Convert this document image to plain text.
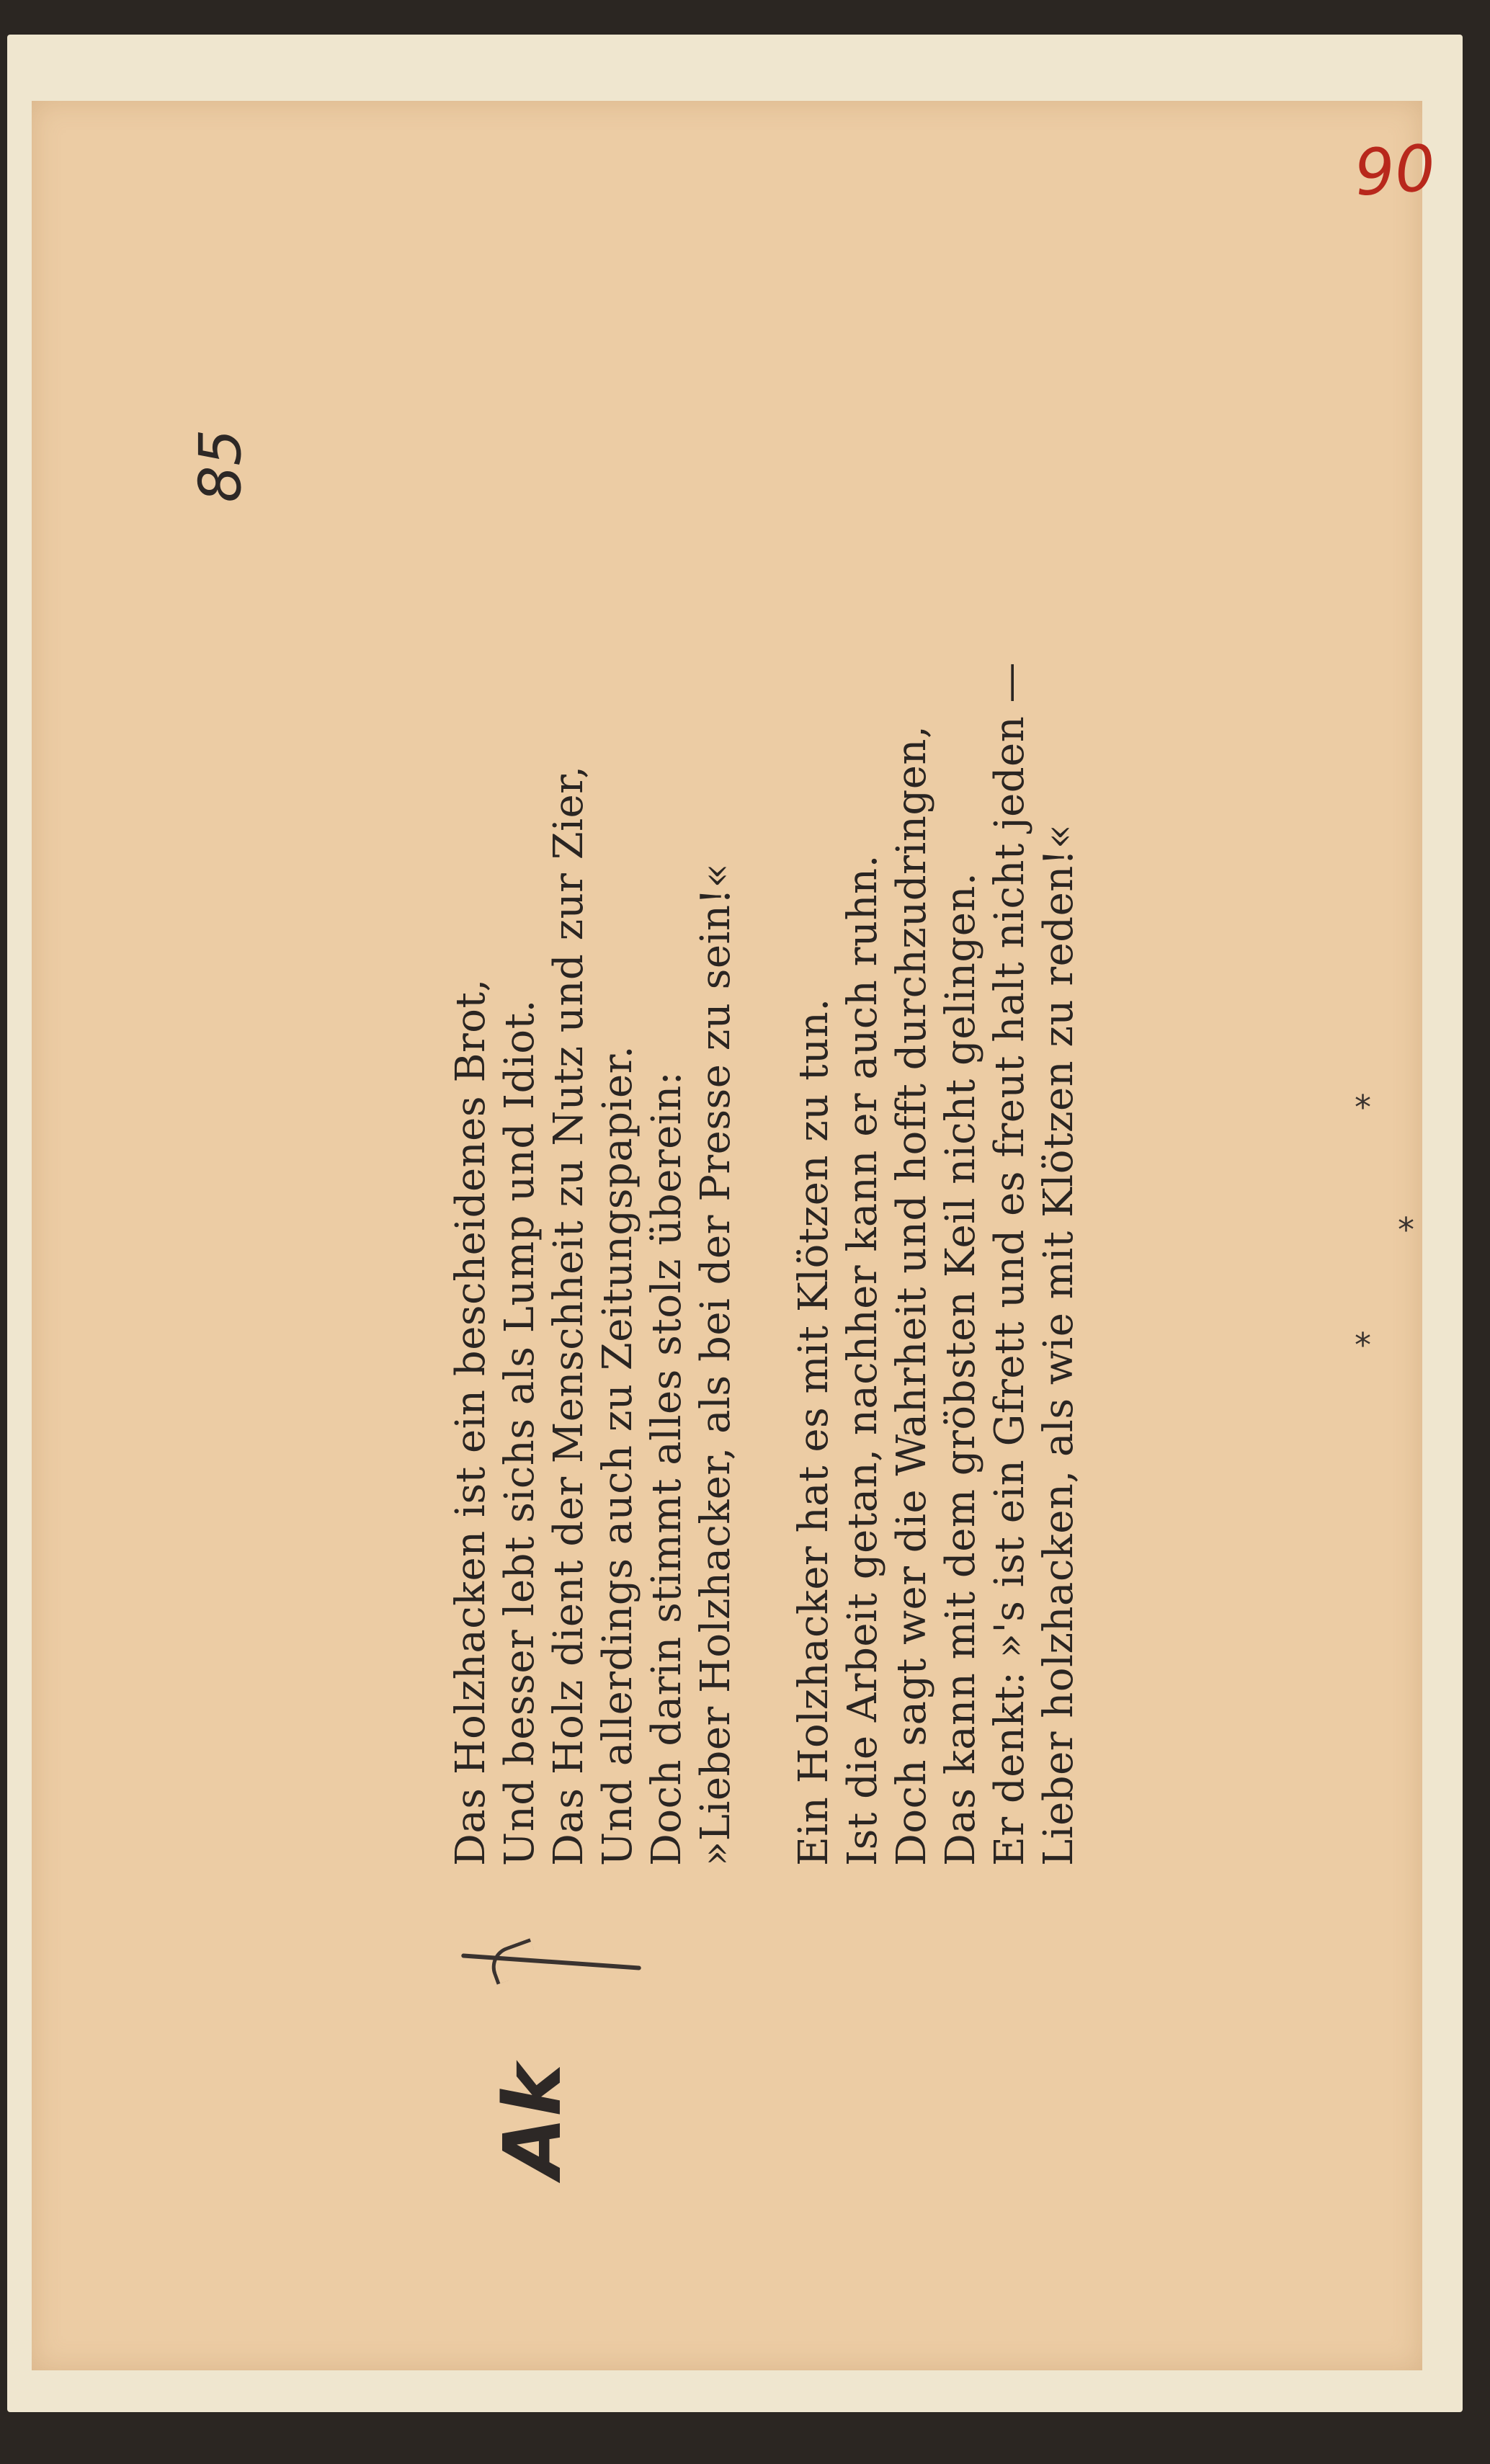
90
85
Ak
Das Holzhacken ist ein bescheidenes Brot, Und besser lebt sichs als Lump und Idiot. Das Holz dient der Menschheit zu Nutz und zur Zier, Und allerdings auch zu Zeitungspapier. Doch darin stimmt alles stolz überein: »Lieber Holzhacker, als bei der Presse zu sein!« Ein Holzhacker hat es mit Klötzen zu tun. Ist die Arbeit getan, nachher kann er auch ruhn. Doch sagt wer die Wahrheit und hofft durchzudringen, Das kann mit dem gröbsten Keil nicht gelingen. Er denkt: »'s ist ein Gfrett und es freut halt nicht jeden — Lieber holzhacken, als wie mit Klötzen zu reden!«	*
*
*
